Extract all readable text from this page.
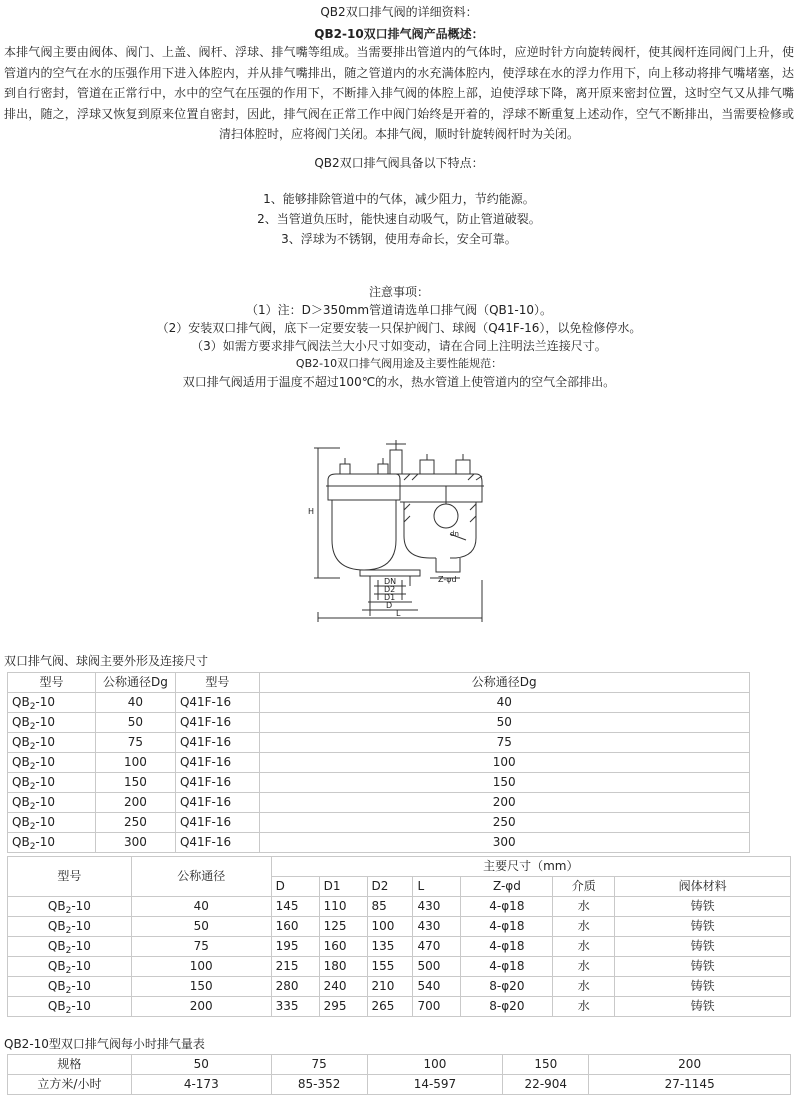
QB2双口排气阀的详细资料：
QB2-10双口排气阀产品概述：
本排气阀主要由阀体、阀门、上盖、阀杆、浮球、排气嘴等组成。当需要排出管道内的气体时，应逆时针方向旋转阀杆，使其阀杆连同阀门上升，使管道内的空气在水的压强作用下进入体腔内，并从排气嘴排出，随之管道内的水充满体腔内，使浮球在水的浮力作用下，向上移动将排气嘴堵塞，达到自行密封，管道在正常行中，水中的空气在压强的作用下，不断排入排气阀的体腔上部，迫使浮球下降，离开原来密封位置，这时空气又从排气嘴排出，随之，浮球又恢复到原来位置自密封，因此，排气阀在正常工作中阀门始终是开着的，浮球不断重复上述动作，空气不断排出，当需要检修或清扫体腔时，应将阀门关闭。本排气阀，顺时针旋转阀杆时为关闭。
QB2双口排气阀具备以下特点：
1、能够排除管道中的气体，减少阻力，节约能源。
2、当管道负压时，能快速自动吸气，防止管道破裂。
3、浮球为不锈钢，使用寿命长，安全可靠。
注意事项：
（1）注：D＞350mm管道请选单口排气阀（QB1-10）。
（2）安装双口排气阀，底下一定要安装一只保护阀门、球阀（Q41F-16），以免检修停水。
（3）如需方要求排气阀法兰大小尺寸如变动，请在合同上注明法兰连接尺寸。
QB2-10双口排气阀用途及主要性能规范：
双口排气阀适用于温度不超过100℃的水，热水管道上使管道内的空气全部排出。
H
dn
DN
D2
D1
D
L
Z-φd
双口排气阀、球阀主要外形及连接尺寸
型号	公称通径Dg	型号	公称通径Dg	
$QB_2-10$	40	Q41F-16	40	
$QB_2-10$	50	Q41F-16	50	
$QB_2-10$	75	Q41F-16	75	
$QB_2-10$	100	Q41F-16	100	
$QB_2-10$	150	Q41F-16	150	
$QB_2-10$	200	Q41F-16	200	
$QB_2-10$	250	Q41F-16	250	
$QB_2-10$	300	Q41F-16	300	
型号	公称通径	主要尺寸（mm）						
		D	D1	D2	L	Z-φd	介质	阀体材料
$QB_2-10$	40	145	110	85	430	4-φ18	水	铸铁
$QB_2-10$	50	160	125	100	430	4-φ18	水	铸铁
$QB_2-10$	75	195	160	135	470	4-φ18	水	铸铁
$QB_2-10$	100	215	180	155	500	4-φ18	水	铸铁
$QB_2-10$	150	280	240	210	540	8-φ20	水	铸铁
$QB_2-10$	200	335	295	265	700	8-φ20	水	铸铁
QB2-10型双口排气阀每小时排气量表
规格	50	75	100	150	200
立方米/小时	4-173	85-352	14-597	22-904	27-1145
